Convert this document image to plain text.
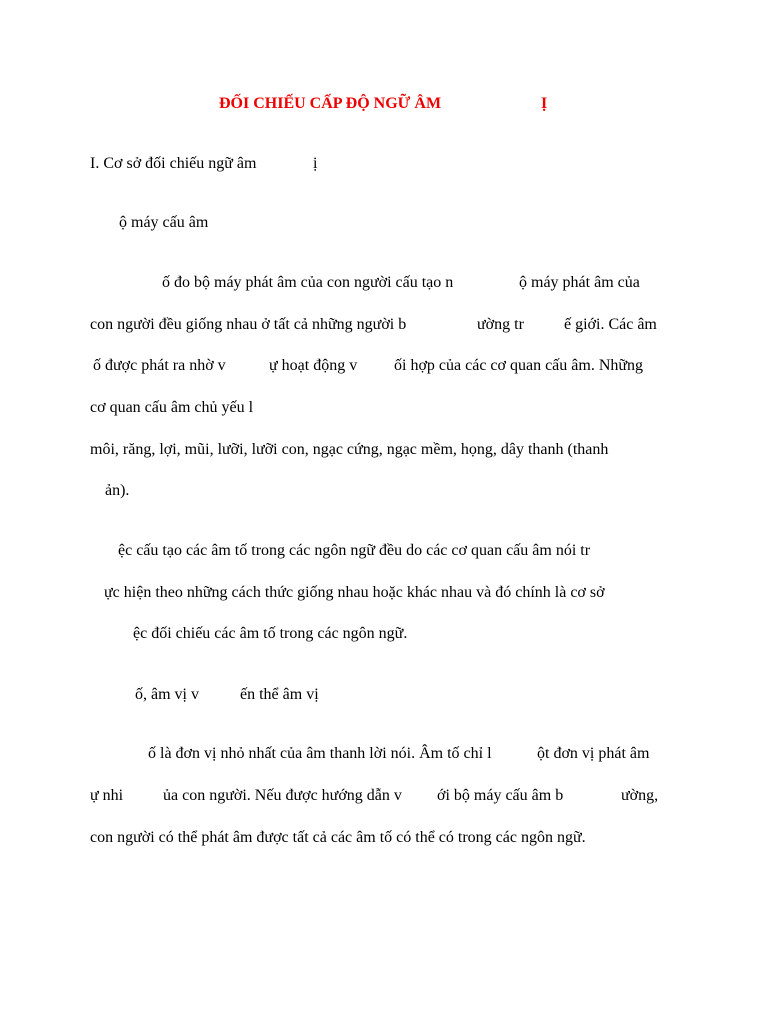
ĐỐI CHIẾU CẤP ĐỘ NGỮ ÂM	Ị
I. Cơ sở đối chiếu ngữ âm	ị
ộ máy cấu âm
ố đo bộ máy phát âm của con người cấu tạo n	ộ máy phát âm của
con người đều giống nhau ở tất cả những người b	ường tr	ế giới. Các âm
ố được phát ra nhờ v	ự hoạt động v ối hợp của các cơ quan cấu âm. Những
cơ quan cấu âm chủ yếu l
môi, răng, lợi, mũi, lưỡi, lưỡi con, ngạc cứng, ngạc mềm, họng, dây thanh (thanh
ản).
ệc cấu tạo các âm tố trong các ngôn ngữ đều do các cơ quan cấu âm nói tr
ực hiện theo những cách thức giống nhau hoặc khác nhau và đó chính là cơ sở
ệc đối chiếu các âm tố trong các ngôn ngữ.
ố, âm vị v	ến thể âm vị
ố là đơn vị nhỏ nhất của âm thanh lời nói. Âm tố chỉ l	ột đơn vị phát âm
ự nhi ủa con người. Nếu được hướng dẫn v ới bộ máy cấu âm b	ường,
con người có thể phát âm được tất cả các âm tố có thể có trong các ngôn ngữ.
